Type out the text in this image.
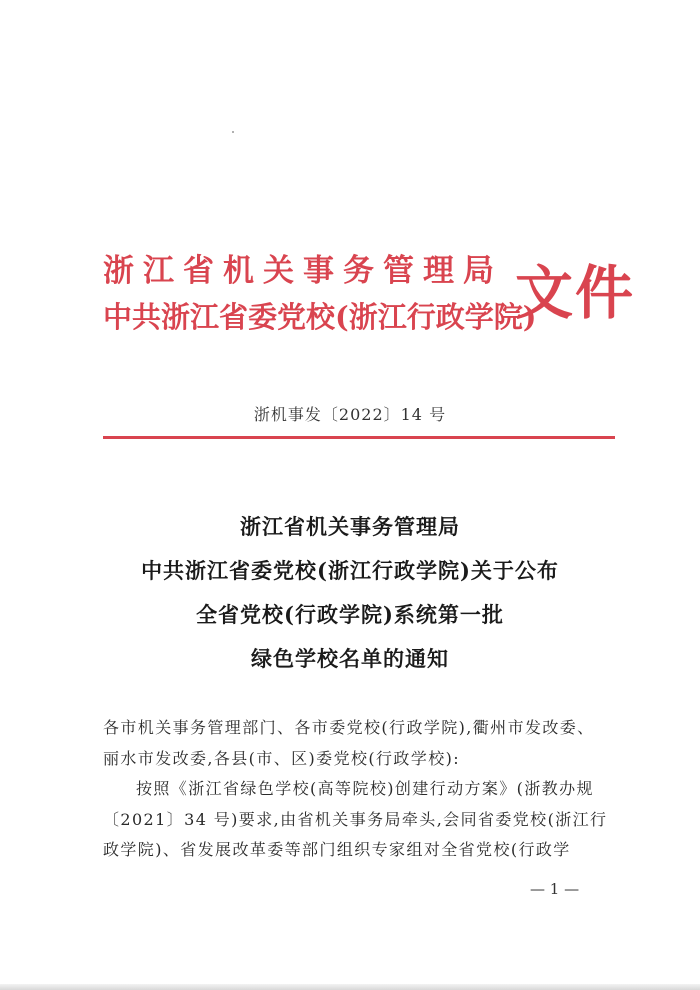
浙江省机关事务管理局
中共浙江省委党校(浙江行政学院)
文件
浙机事发〔2022〕14 号
浙江省机关事务管理局
中共浙江省委党校(浙江行政学院)关于公布
全省党校(行政学院)系统第一批
绿色学校名单的通知
各市机关事务管理部门、各市委党校(行政学院),衢州市发改委、
丽水市发改委,各县(市、区)委党校(行政学校):
按照《浙江省绿色学校(高等院校)创建行动方案》(浙教办规
〔2021〕34 号)要求,由省机关事务局牵头,会同省委党校(浙江行
政学院)、省发展改革委等部门组织专家组对全省党校(行政学
— 1 —
